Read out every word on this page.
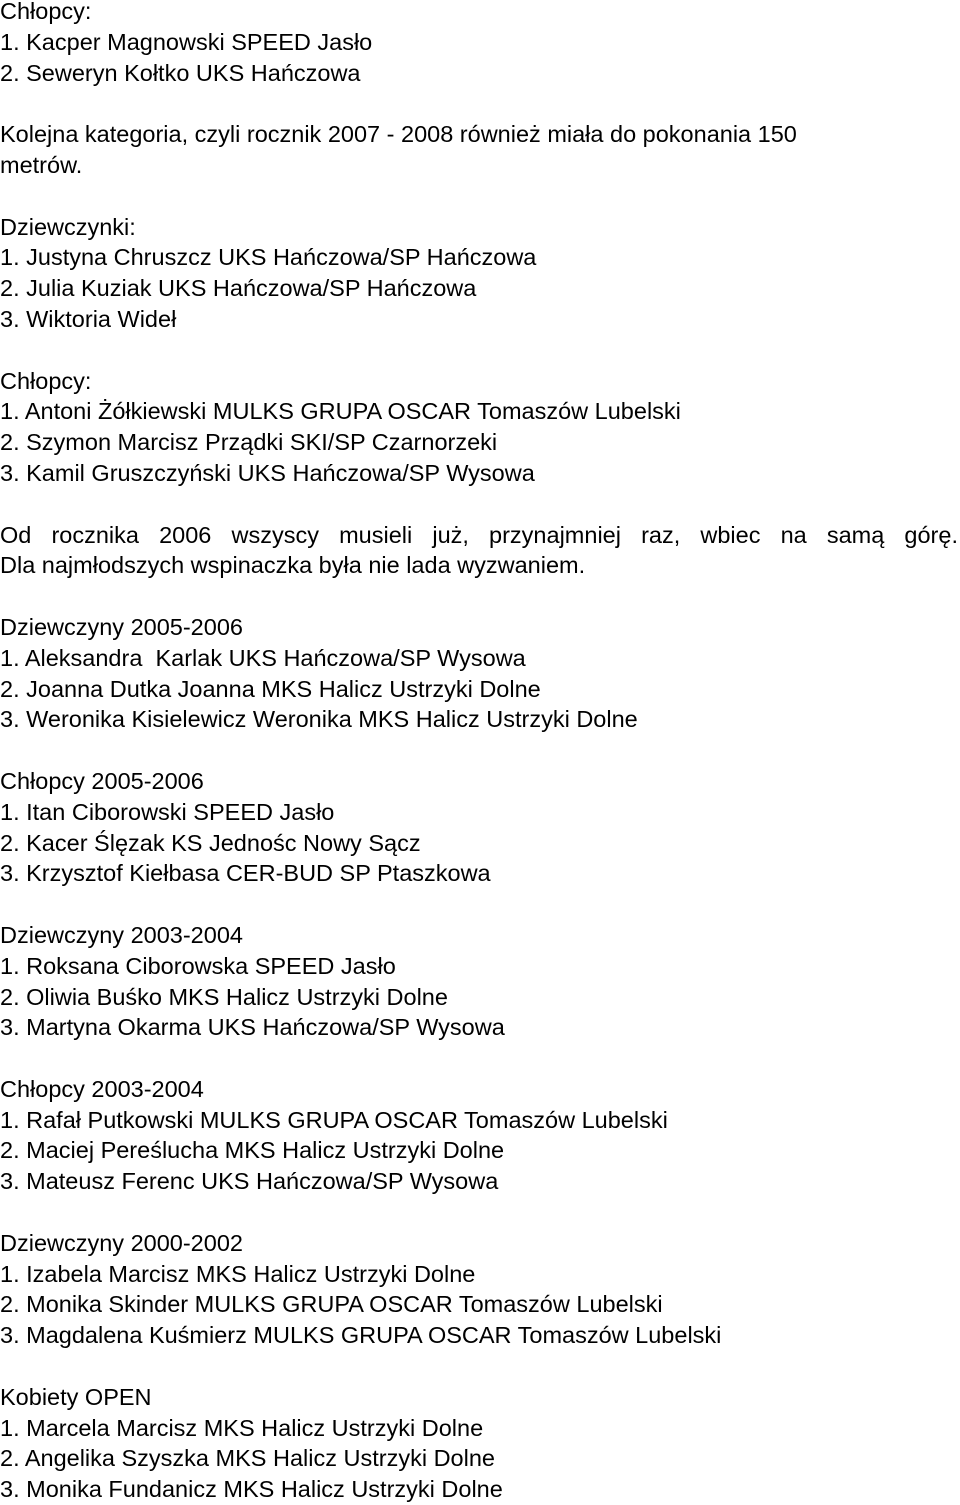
Chłopcy:
1. Kacper Magnowski SPEED Jasło
2. Seweryn Kołtko UKS Hańczowa
Kolejna kategoria, czyli rocznik 2007 - 2008 również miała do pokonania 150
metrów.
Dziewczynki:
1. Justyna Chruszcz UKS Hańczowa/SP Hańczowa
2. Julia Kuziak UKS Hańczowa/SP Hańczowa
3. Wiktoria Wideł
Chłopcy:
1. Antoni Żółkiewski MULKS GRUPA OSCAR Tomaszów Lubelski
2. Szymon Marcisz Prządki SKI/SP Czarnorzeki
3. Kamil Gruszczyński UKS Hańczowa/SP Wysowa
Od rocznika 2006 wszyscy musieli już, przynajmniej raz, wbiec na samą górę.
Dla najmłodszych wspinaczka była nie lada wyzwaniem.
Dziewczyny 2005-2006
1. Aleksandra  Karlak UKS Hańczowa/SP Wysowa
2. Joanna Dutka Joanna MKS Halicz Ustrzyki Dolne
3. Weronika Kisielewicz Weronika MKS Halicz Ustrzyki Dolne
Chłopcy 2005-2006
1. Itan Ciborowski SPEED Jasło
2. Kacer Ślęzak KS Jednośc Nowy Sącz
3. Krzysztof Kiełbasa CER-BUD SP Ptaszkowa
Dziewczyny 2003-2004
1. Roksana Ciborowska SPEED Jasło
2. Oliwia Buśko MKS Halicz Ustrzyki Dolne
3. Martyna Okarma UKS Hańczowa/SP Wysowa
Chłopcy 2003-2004
1. Rafał Putkowski MULKS GRUPA OSCAR Tomaszów Lubelski
2. Maciej Pereślucha MKS Halicz Ustrzyki Dolne
3. Mateusz Ferenc UKS Hańczowa/SP Wysowa
Dziewczyny 2000-2002
1. Izabela Marcisz MKS Halicz Ustrzyki Dolne
2. Monika Skinder MULKS GRUPA OSCAR Tomaszów Lubelski
3. Magdalena Kuśmierz MULKS GRUPA OSCAR Tomaszów Lubelski
Kobiety OPEN
1. Marcela Marcisz MKS Halicz Ustrzyki Dolne
2. Angelika Szyszka MKS Halicz Ustrzyki Dolne
3. Monika Fundanicz MKS Halicz Ustrzyki Dolne
